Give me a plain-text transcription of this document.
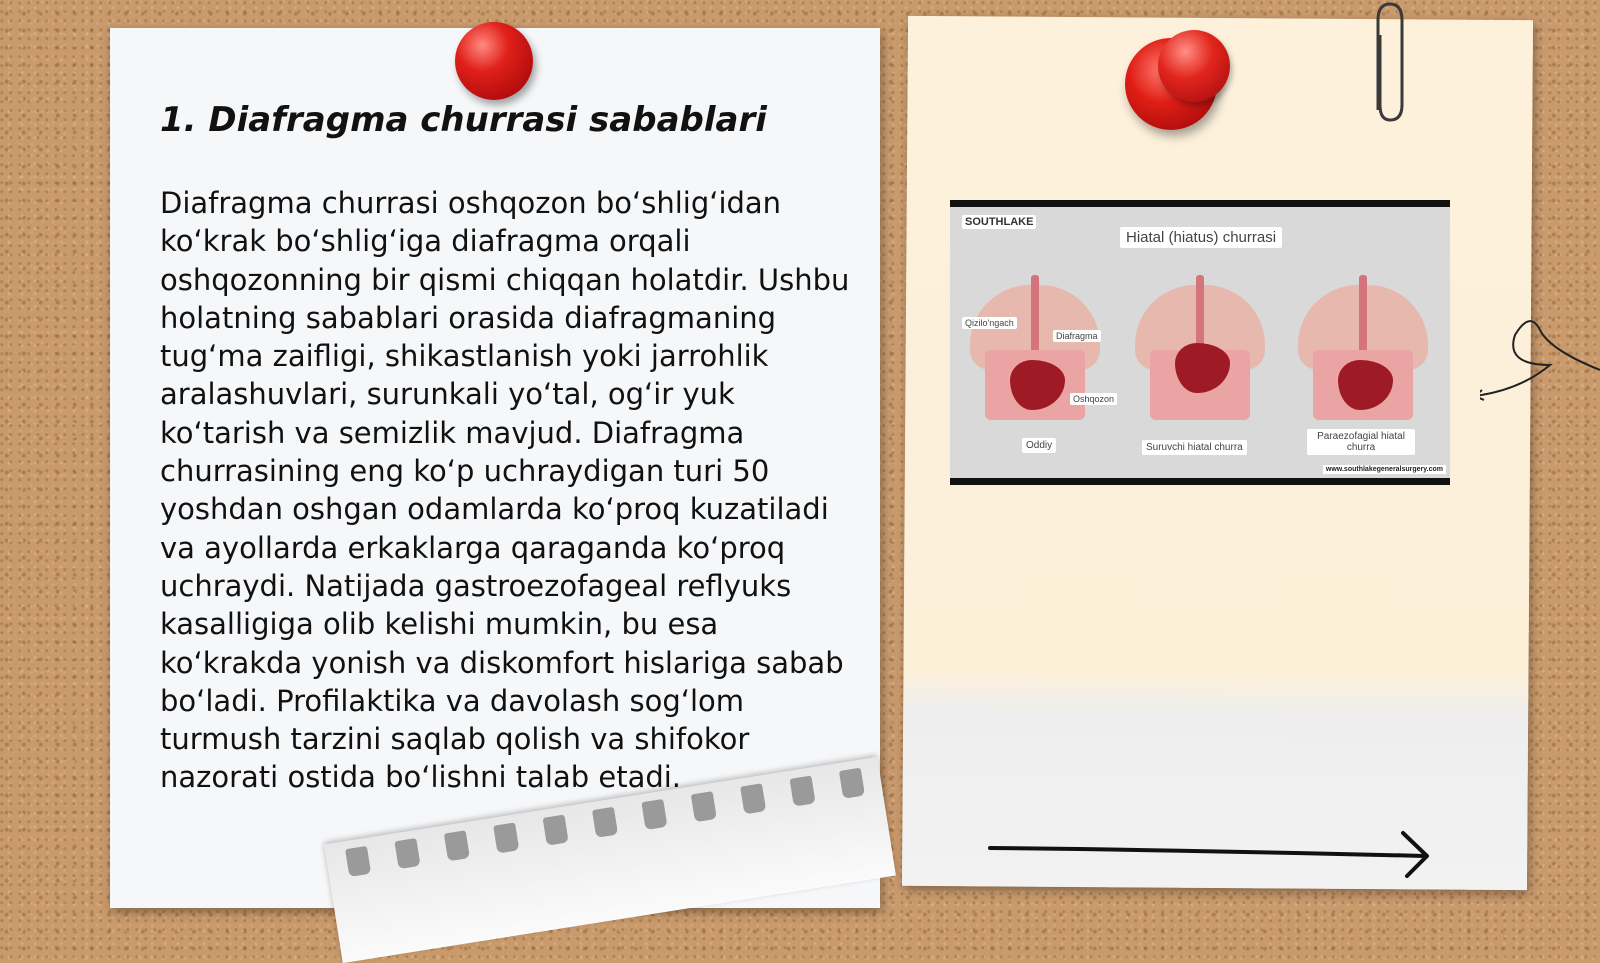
1. Diafragma churrasi sabablari

Diafragma churrasi oshqozon bo‘shlig‘idan ko‘krak bo‘shlig‘iga diafragma orqali oshqozonning bir qismi chiqqan holatdir. Ushbu holatning sabablari orasida diafragmaning tug‘ma zaifligi, shikastlanish yoki jarrohlik aralashuvlari, surunkali yo‘tal, og‘ir yuk ko‘tarish va semizlik mavjud. Diafragma churrasining eng ko‘p uchraydigan turi 50 yoshdan oshgan odamlarda ko‘proq kuzatiladi va ayollarda erkaklarga qaraganda ko‘proq uchraydi. Natijada gastroezofageal reflyuks kasalligiga olib kelishi mumkin, bu esa ko‘krakda yonish va diskomfort hislariga sabab bo‘ladi. Profilaktika va davolash sog‘lom turmush tarzini saqlab qolish va shifokor nazorati ostida bo‘lishni talab etadi.

SOUTHLAKE
Hiatal (hiatus) churrasi
Qizilo'ngach
Diafragma
Oshqozon
Oddiy	Suruvchi hiatal churra
Paraezofagial hiatal churra
www.southlakegeneralsurgery.com
